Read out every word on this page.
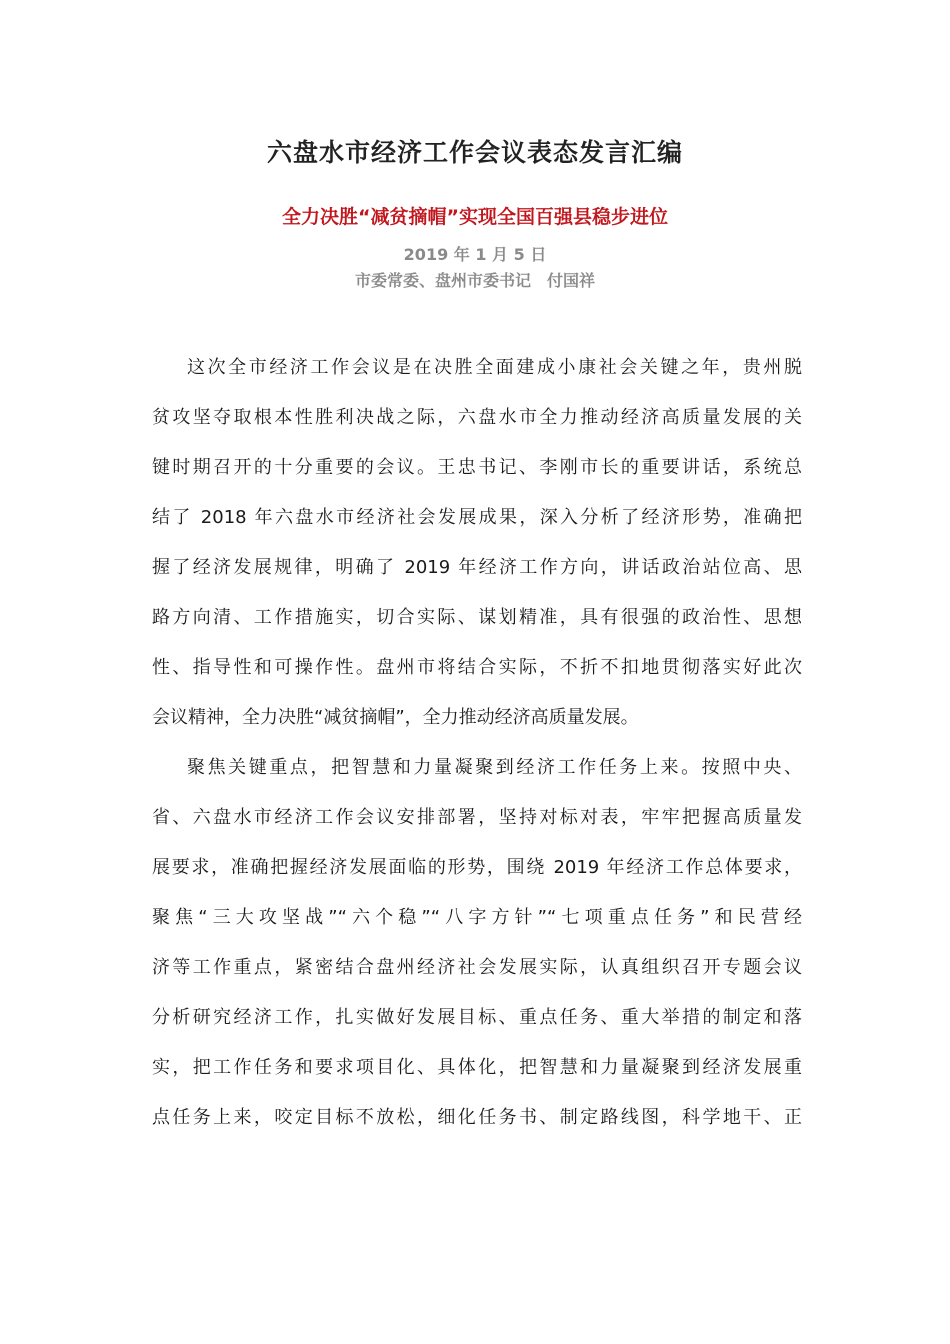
六盘水市经济工作会议表态发言汇编
全力决胜“减贫摘帽”实现全国百强县稳步进位
2019 年 1 月 5 日
市委常委、盘州市委书记　付国祥
这次全市经济工作会议是在决胜全面建成小康社会关键之年，贵州脱
贫攻坚夺取根本性胜利决战之际，六盘水市全力推动经济高质量发展的关
键时期召开的十分重要的会议。王忠书记、李刚市长的重要讲话，系统总
结了 2018 年六盘水市经济社会发展成果，深入分析了经济形势，准确把
握了经济发展规律，明确了 2019 年经济工作方向，讲话政治站位高、思
路方向清、工作措施实，切合实际、谋划精准，具有很强的政治性、思想
性、指导性和可操作性。盘州市将结合实际，不折不扣地贯彻落实好此次
会议精神，全力决胜“减贫摘帽”，全力推动经济高质量发展。
聚焦关键重点，把智慧和力量凝聚到经济工作任务上来。按照中央、
省、六盘水市经济工作会议安排部署，坚持对标对表，牢牢把握高质量发
展要求，准确把握经济发展面临的形势，围绕 2019 年经济工作总体要求，
聚焦“三大攻坚战”“六个稳”“八字方针”“七项重点任务”和民营经
济等工作重点，紧密结合盘州经济社会发展实际，认真组织召开专题会议
分析研究经济工作，扎实做好发展目标、重点任务、重大举措的制定和落
实，把工作任务和要求项目化、具体化，把智慧和力量凝聚到经济发展重
点任务上来，咬定目标不放松，细化任务书、制定路线图，科学地干、正
